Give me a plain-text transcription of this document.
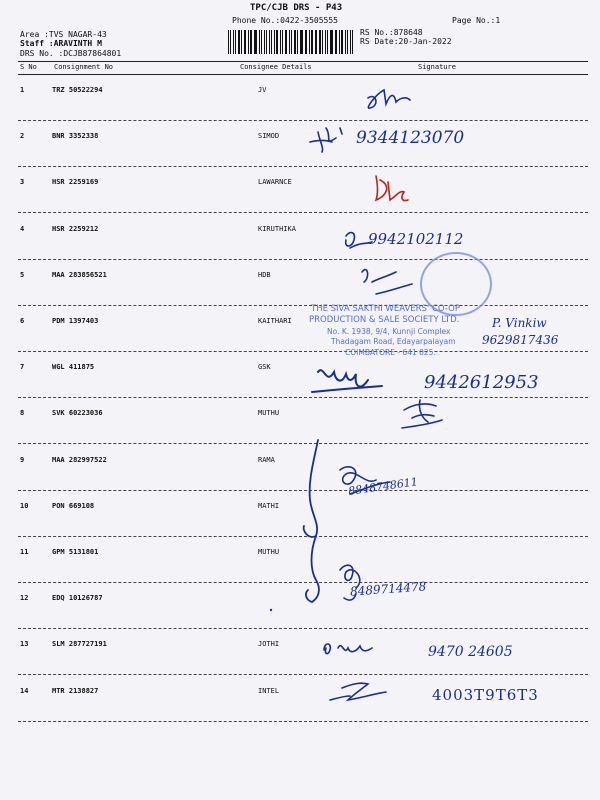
TPC/CJB DRS - P43
Phone No.:0422-3505555	Page No.:1
Area :TVS NAGAR-43
Staff :ARAVINTH M
DRS No. :DCJB87864801
RS No.:878648
RS Date:20-Jan-2022
S No Consignment No	Consignee Details	Signature
1	TRZ 50522294	JV
2	BNR 3352338	SIMOD
3	HSR 2259169	LAWARNCE
4	HSR 2259212	KIRUTHIKA
5	MAA 283856521	HDB
6	PDM 1397403	KAITHARI
7	WGL 411875	GSK
8	SVK 60223036	MUTHU
9	MAA 282997522	RAMA
10	PON 669108	MATHI
11	GPM 5131801	MUTHU
12	EDQ 10126787
13	SLM 287727191	JOTHI
14	MTR 2138827	INTEL
THE SIVA SAKTHI WEAVERS' CO-OP
PRODUCTION & SALE SOCIETY LTD.
No. K. 1938, 9/4, Kunnji Complex
Thadagam Road, Edayarpalayam
COIMBATORE - 641 025.
9344123070
9942102112
P. Vinkiw
9629817436
9442612953
8848748611
8489714478
9470 24605
4003T9T6T3
